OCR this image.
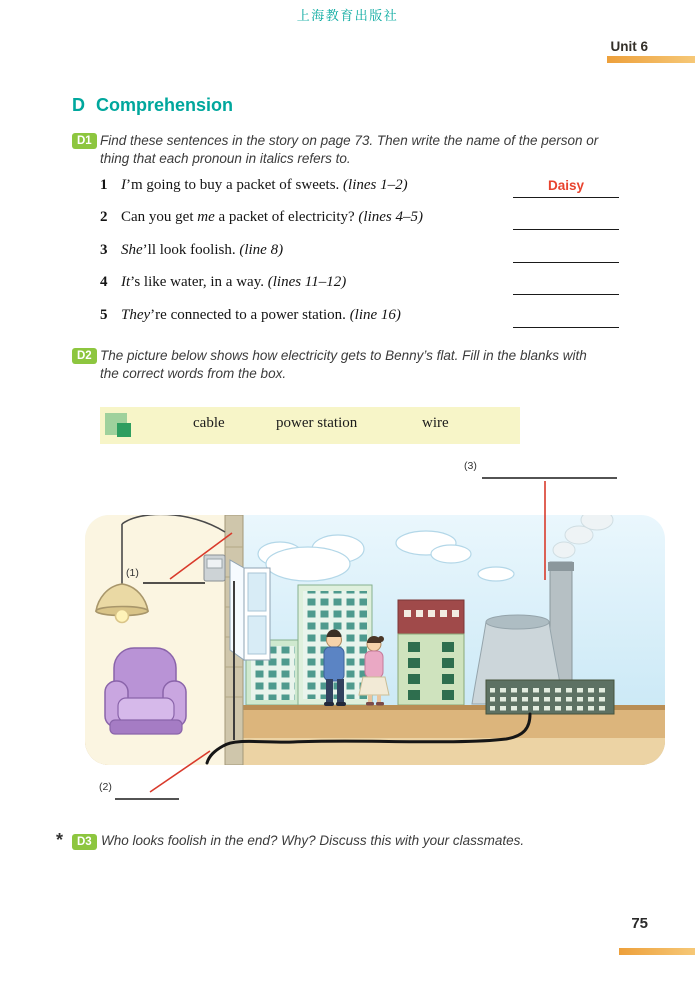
上海教育出版社
Unit 6
D Comprehension
D1 Find these sentences in the story on page 73. Then write the name of the person or
thing that each pronoun in italics refers to.
1 I’m going to buy a packet of sweets. (lines 1–2)	Daisy
2 Can you get me a packet of electricity? (lines 4–5)
3 She’ll look foolish. (line 8)
4 It’s like water, in a way. (lines 11–12)
5 They’re connected to a power station. (line 16)
D2 The picture below shows how electricity gets to Benny’s flat. Fill in the blanks with
the correct words from the box.
cable	power station	wire
(3)
(1)
(2)
*	D3 Who looks foolish in the end? Why? Discuss this with your classmates.
75
